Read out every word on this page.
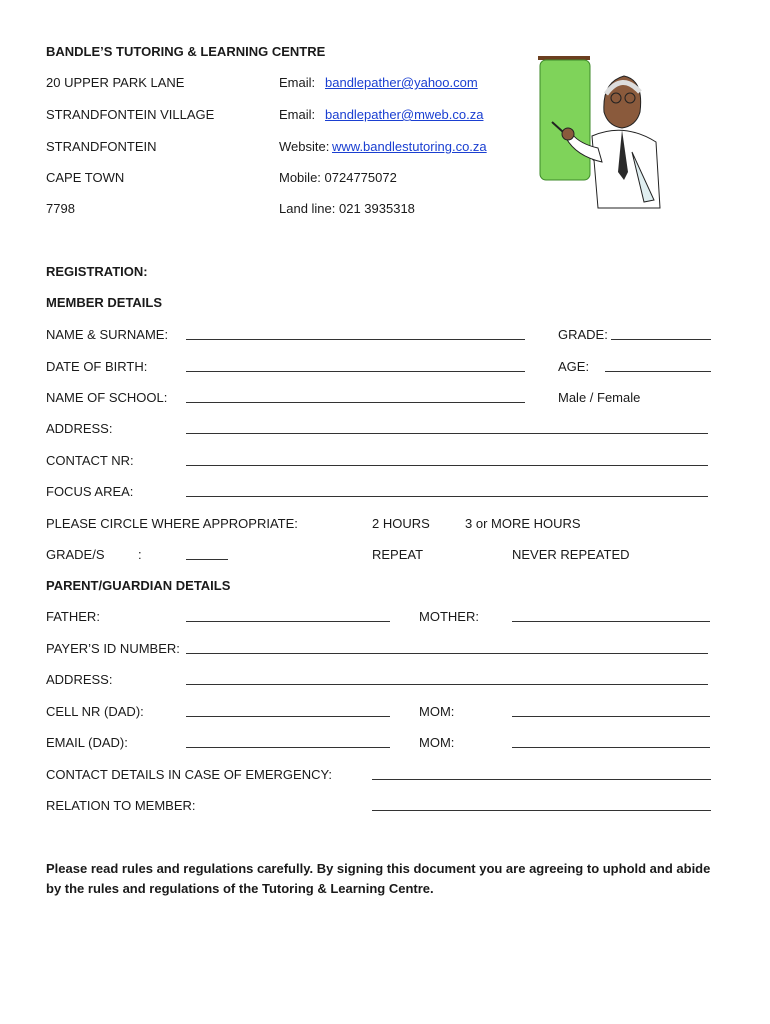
BANDLE’S TUTORING & LEARNING CENTRE
20 UPPER PARK LANE
STRANDFONTEIN VILLAGE
STRANDFONTEIN
CAPE TOWN
7798
Email: bandlepather@yahoo.com
Email: bandlepather@mweb.co.za
Website: www.bandlestutoring.co.za
Mobile: 0724775072
Land line: 021 3935318
REGISTRATION:
MEMBER DETAILS
NAME & SURNAME:	GRADE:
DATE OF BIRTH:	AGE:
NAME OF SCHOOL:	Male / Female
ADDRESS:
CONTACT NR:
FOCUS AREA:
PLEASE CIRCLE WHERE APPROPRIATE:	2 HOURS	3 or MORE HOURS
GRADE/S	:	REPEAT	NEVER REPEATED
PARENT/GUARDIAN DETAILS
FATHER:	MOTHER:
PAYER’S ID NUMBER:
ADDRESS:
CELL NR (DAD):	MOM:
EMAIL (DAD):	MOM:
CONTACT DETAILS IN CASE OF EMERGENCY:
RELATION TO MEMBER:
Please read rules and regulations carefully. By signing this document you are agreeing to uphold and abide by the rules and regulations of the Tutoring & Learning Centre.
